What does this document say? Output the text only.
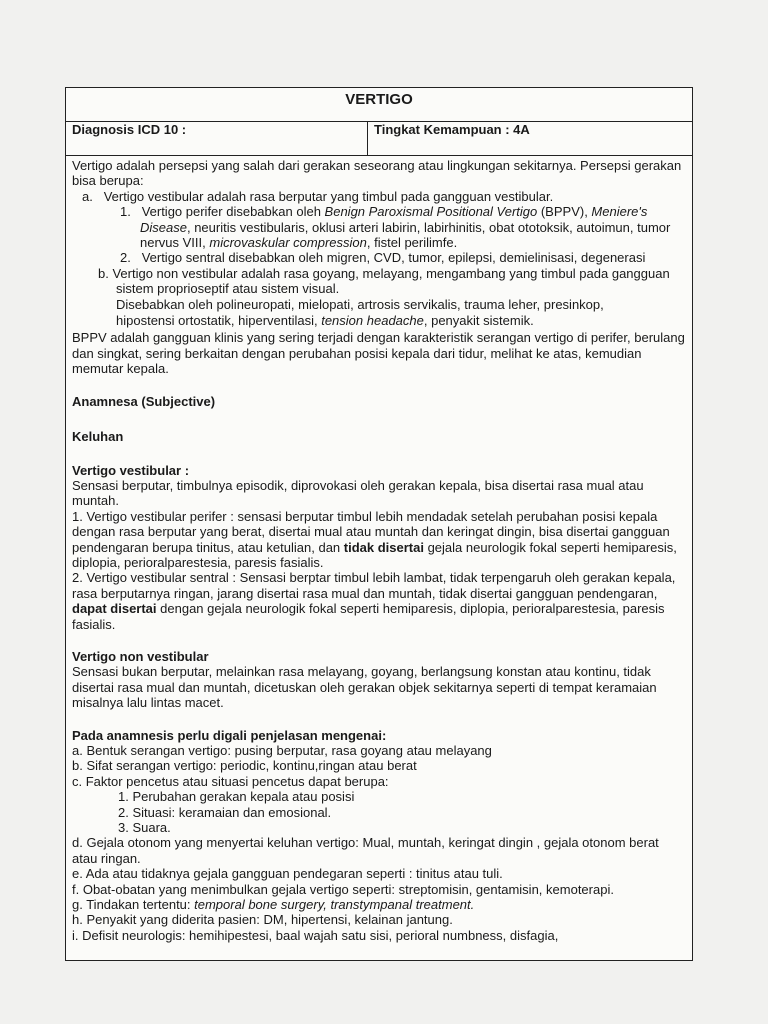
VERTIGO
Diagnosis ICD 10 :	Tingkat Kemampuan : 4A

Vertigo adalah persepsi yang salah dari gerakan seseorang atau lingkungan sekitarnya. Persepsi gerakan bisa berupa:

a. Vertigo vestibular adalah rasa berputar yang timbul pada gangguan vestibular.

1. Vertigo perifer disebabkan oleh Benign Paroxismal Positional Vertigo (BPPV), Meniere's Disease, neuritis vestibularis, oklusi arteri labirin, labirhinitis, obat ototoksik, autoimun, tumor nervus VIII, microvaskular compression, fistel perilimfe.

2. Vertigo sentral disebabkan oleh migren, CVD, tumor, epilepsi, demielinisasi, degenerasi

b. Vertigo non vestibular adalah rasa goyang, melayang, mengambang yang timbul pada gangguan sistem proprioseptif atau sistem visual.

Disebabkan oleh polineuropati, mielopati, artrosis servikalis, trauma leher, presinkop,

hipostensi ortostatik, hiperventilasi, tension headache, penyakit sistemik.

BPPV adalah gangguan klinis yang sering terjadi dengan karakteristik serangan vertigo di perifer, berulang dan singkat, sering berkaitan dengan perubahan posisi kepala dari tidur, melihat ke atas, kemudian memutar kepala.

Anamnesa (Subjective)

Keluhan

Vertigo vestibular :

Sensasi berputar, timbulnya episodik, diprovokasi oleh gerakan kepala, bisa disertai rasa mual atau muntah.

1. Vertigo vestibular perifer : sensasi berputar timbul lebih mendadak setelah perubahan posisi kepala dengan rasa berputar yang berat, disertai mual atau muntah dan keringat dingin, bisa disertai gangguan pendengaran berupa tinitus, atau ketulian, dan tidak disertai gejala neurologik fokal seperti hemiparesis, diplopia, perioralparestesia, paresis fasialis.

2. Vertigo vestibular sentral : Sensasi berptar timbul lebih lambat, tidak terpengaruh oleh gerakan kepala, rasa berputarnya ringan, jarang disertai rasa mual dan muntah, tidak disertai gangguan pendengaran, dapat disertai dengan gejala neurologik fokal seperti hemiparesis, diplopia, perioralparestesia, paresis fasialis.

Vertigo non vestibular

Sensasi bukan berputar, melainkan rasa melayang, goyang, berlangsung konstan atau kontinu, tidak disertai rasa mual dan muntah, dicetuskan oleh gerakan objek sekitarnya seperti di tempat keramaian misalnya lalu lintas macet.

Pada anamnesis perlu digali penjelasan mengenai:

a. Bentuk serangan vertigo: pusing berputar, rasa goyang atau melayang

b. Sifat serangan vertigo: periodic, kontinu,ringan atau berat

c. Faktor pencetus atau situasi pencetus dapat berupa:

1. Perubahan gerakan kepala atau posisi

2. Situasi: keramaian dan emosional.

3. Suara.

d. Gejala otonom yang menyertai keluhan vertigo: Mual, muntah, keringat dingin , gejala otonom berat atau ringan.

e. Ada atau tidaknya gejala gangguan pendegaran seperti : tinitus atau tuli.

f. Obat-obatan yang menimbulkan gejala vertigo seperti: streptomisin, gentamisin, kemoterapi.

g. Tindakan tertentu: temporal bone surgery, transtympanal treatment.

h. Penyakit yang diderita pasien: DM, hipertensi, kelainan jantung.

i. Defisit neurologis: hemihipestesi, baal wajah satu sisi, perioral numbness, disfagia,
